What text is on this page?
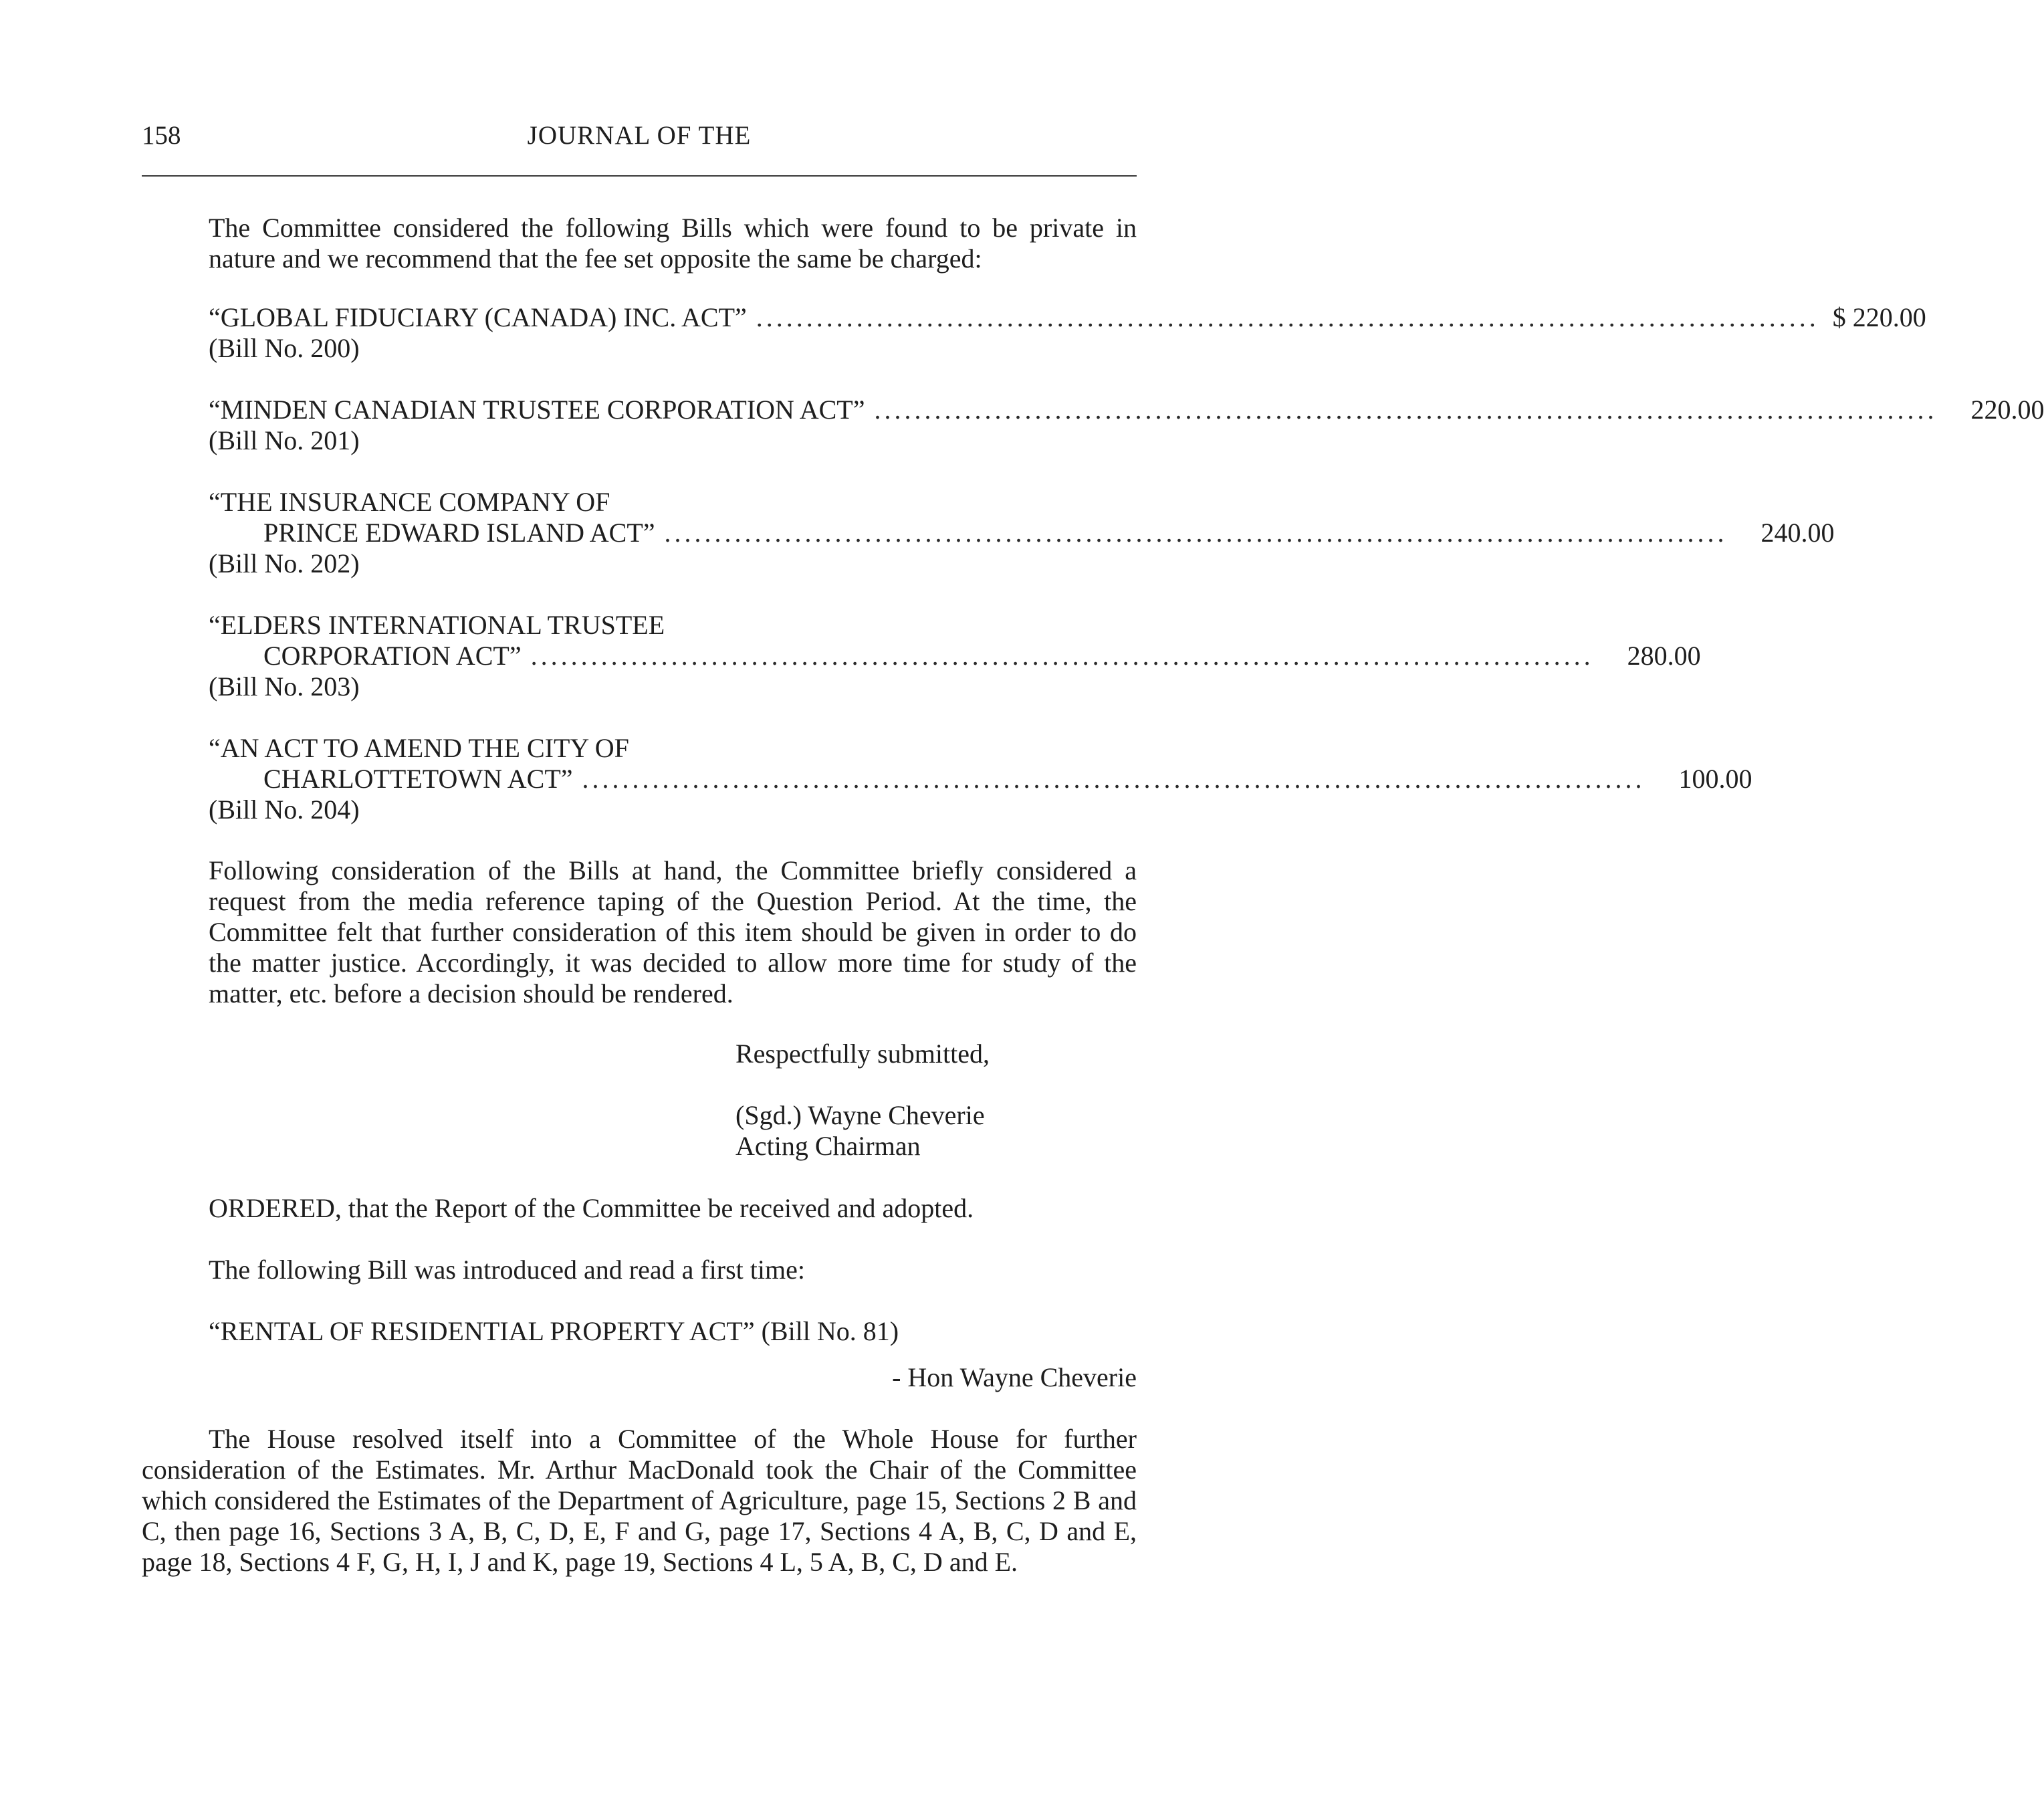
158	JOURNAL OF THE
The Committee considered the following Bills which were found to be private in nature and we recommend that the fee set opposite the same be charged:
“GLOBAL FIDUCIARY (CANADA) INC. ACT” .......................................................................................................... $ 220.00
(Bill No. 200)
“MINDEN CANADIAN TRUSTEE CORPORATION ACT” ..........................................................................................................	220.00
(Bill No. 201)
“THE INSURANCE COMPANY OF
PRINCE EDWARD ISLAND ACT” ..........................................................................................................	240.00
(Bill No. 202)
“ELDERS INTERNATIONAL TRUSTEE
CORPORATION ACT” ..........................................................................................................	280.00
(Bill No. 203)
“AN ACT TO AMEND THE CITY OF
CHARLOTTETOWN ACT” ..........................................................................................................	100.00
(Bill No. 204)
Following consideration of the Bills at hand, the Committee briefly considered a request from the media reference taping of the Question Period. At the time, the Committee felt that further consideration of this item should be given in order to do the matter justice. Accordingly, it was decided to allow more time for study of the matter, etc. before a decision should be rendered.
Respectfully submitted,
(Sgd.) Wayne Cheverie
Acting Chairman
ORDERED, that the Report of the Committee be received and adopted.
The following Bill was introduced and read a first time:
“RENTAL OF RESIDENTIAL PROPERTY ACT” (Bill No. 81)
- Hon Wayne Cheverie
The House resolved itself into a Committee of the Whole House for further consideration of the Estimates. Mr. Arthur MacDonald took the Chair of the Committee which considered the Estimates of the Department of Agriculture, page 15, Sections 2 B and C, then page 16, Sections 3 A, B, C, D, E, F and G, page 17, Sections 4 A, B, C, D and E, page 18, Sections 4 F, G, H, I, J and K, page 19, Sections 4 L, 5 A, B, C, D and E.
